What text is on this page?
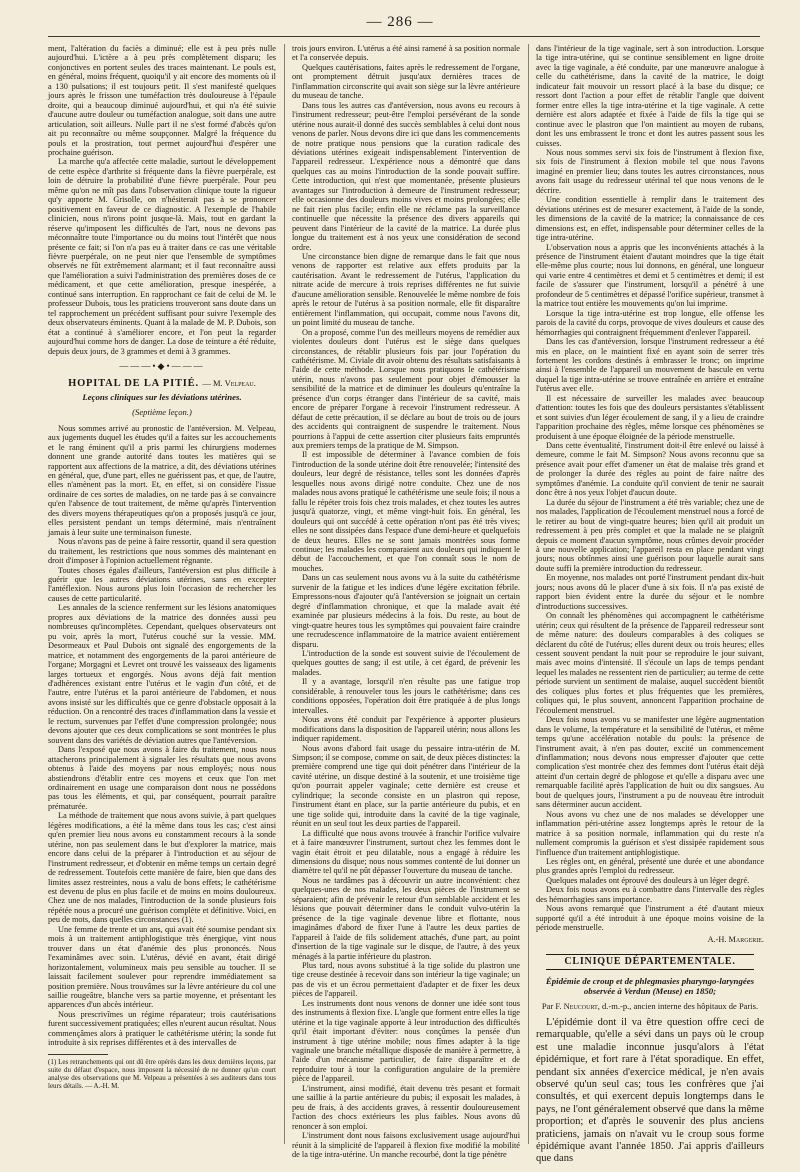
— 286 —

ment, l'altération du faciès a diminué; elle est à peu près nulle aujourd'hui. L'ictère a à peu près complètement disparu; les conjonctives en portent seules des traces maintenant. Le pouls est, en général, moins fréquent, quoiqu'il y ait encore des moments où il a 130 pulsations; il est toujours petit. Il s'est manifesté quelques jours après le frisson une tuméfaction très douloureuse à l'épaule droite, qui a beaucoup diminué aujourd'hui, et qui n'a été suivie d'aucune autre douleur ou tuméfaction analogue, soit dans une autre articulation, soit ailleurs. Nulle part il ne s'est formé d'abcès qu'on ait pu reconnaître ou même soupçonner. Malgré la fréquence du pouls et la prostration, tout permet aujourd'hui d'espérer une prochaine guérison.

La marche qu'a affectée cette maladie, surtout le développement de cette espèce d'arthrite si fréquente dans la fièvre puerpérale, est loin de détruire la probabilité d'une fièvre puerpérale. Pour peu même qu'on ne mît pas dans l'observation clinique toute la rigueur qu'y apporte M. Grisolle, on n'hésiterait pas à se prononcer positivement en faveur de ce diagnostic. A l'exemple de l'habile clinicien, nous n'irons point jusque-là. Mais, tout en gardant la réserve qu'imposent les difficultés de l'art, nous ne devons pas méconnaître toute l'importance ou du moins tout l'intérêt que nous présente ce fait; si l'on n'a pas eu à traiter dans ce cas une véritable fièvre puerpérale, on ne peut nier que l'ensemble de symptômes observés ne fût extrêmement alarmant; et il faut reconnaître aussi que l'amélioration a suivi l'administration des premières doses de ce médicament, et que cette amélioration, presque inespérée, a continué sans interruption. En rapprochant ce fait de celui de M. le professeur Dubois, tous les praticiens trouveront sans doute dans un tel rapprochement un précédent suffisant pour suivre l'exemple des deux observateurs éminents. Quant à la malade de M. P. Dubois, son état a continué à s'améliorer encore, et l'on peut la regarder aujourd'hui comme hors de danger. La dose de teinture a été réduite, depuis deux jours, de 3 grammes et demi à 3 grammes.

———•◆•———
HOPITAL DE LA PITIÉ. — M. Velpeau.
Leçons cliniques sur les déviations utérines.
(Septième leçon.)

Nous sommes arrivé au pronostic de l'antéversion. M. Velpeau, aux jugements duquel les études qu'il a faites sur les accouchements et le rang éminent qu'il a pris parmi les chirurgiens modernes donnent une grande autorité dans toutes les matières qui se rapportent aux affections de la matrice, a dit, des déviations utérines en général, que, d'une part, elles ne guérissent pas, et que, de l'autre, elles n'amènent pas la mort. Et, en effet, si on considère l'issue ordinaire de ces sortes de maladies, on ne tarde pas à se convaincre qu'en l'absence de tout traitement, de même qu'après l'intervention des divers moyens thérapeutiques qu'on a proposés jusqu'à ce jour, elles persistent pendant un temps déterminé, mais n'entraînent jamais à leur suite une terminaison funeste.

Nous n'avons pas de peine à faire ressortir, quand il sera question du traitement, les restrictions que nous sommes dès maintenant en droit d'imposer à l'opinion actuellement régnante.

Toutes choses égales d'ailleurs, l'antéversion est plus difficile à guérir que les autres déviations utérines, sans en excepter l'antéflexion. Nous aurons plus loin l'occasion de rechercher les causes de cette particularité.

Les annales de la science renferment sur les lésions anatomiques propres aux déviations de la matrice des données aussi peu nombreuses qu'incomplètes. Cependant, quelques observateurs ont pu voir, après la mort, l'utérus couché sur la vessie. MM. Desormeaux et Paul Dubois ont signalé des engorgements de la matrice, et notamment des engorgements de la paroi antérieure de l'organe; Morgagni et Levret ont trouvé les vaisseaux des ligaments larges tortueux et engorgés. Nous avons déjà fait mention d'adhérences existant entre l'utérus et le vagin d'un côté, et de l'autre, entre l'utérus et la paroi antérieure de l'abdomen, et nous avons insisté sur les difficultés que ce genre d'obstacle opposait à la réduction. On a rencontré des traces d'inflammation dans la vessie et le rectum, survenues par l'effet d'une compression prolongée; nous devons ajouter que ces deux complications se sont montrées le plus souvent dans des variétés de déviation autres que l'antéversion.

Dans l'exposé que nous avons à faire du traitement, nous nous attacherons principalement à signaler les résultats que nous avons obtenus à l'aide des moyens par nous employés; nous nous abstiendrons d'établir entre ces moyens et ceux que l'on met ordinairement en usage une comparaison dont nous ne possédons pas tous les éléments, et qui, par conséquent, pourrait paraître prématurée.

La méthode de traitement que nous avons suivie, à part quelques légères modifications, a été la même dans tous les cas; c'est ainsi qu'en premier lieu nous avons eu constamment recours à la sonde utérine, non pas seulement dans le but d'explorer la matrice, mais encore dans celui de la préparer à l'introduction et au séjour de l'instrument redresseur, et d'obtenir en même temps un certain degré de redressement. Toutefois cette manière de faire, bien que dans des limites assez restreintes, nous a valu de bons effets; le cathétérisme est devenu de plus en plus facile et de moins en moins douloureux. Chez une de nos malades, l'introduction de la sonde plusieurs fois répétée nous a procuré une guérison complète et définitive. Voici, en peu de mots, dans quelles circonstances (1).

Une femme de trente et un ans, qui avait été soumise pendant six mois à un traitement antiphlogistique très énergique, vint nous trouver dans un état d'anémie des plus prononcés. Nous l'examinâmes avec soin. L'utérus, dévié en avant, était dirigé horizontalement, volumineux mais peu sensible au toucher. Il se laissait facilement soulever pour reprendre immédiatement sa position première. Nous trouvâmes sur la lèvre antérieure du col une saillie rougeâtre, blanche vers sa partie moyenne, et présentant les apparences d'un abcès intérieur.

Nous prescrivîmes un régime réparateur; trois cautérisations furent successivement pratiquées; elles n'eurent aucun résultat. Nous commençâmes alors à pratiquer le cathétérisme utérin; la sonde fut introduite à six reprises différentes et à des intervalles de

(1) Les retranchements qui ont dû être opérés dans les deux dernières leçons, par suite du défaut d'espace, nous imposent la nécessité de ne donner qu'un court analyse des observations que M. Velpeau a présentées à ses auditeurs dans tous leurs détails. — A.-H. M.

trois jours environ. L'utérus a été ainsi ramené à sa position normale et l'a conservée depuis.

Quelques cautérisations, faites après le redressement de l'organe, ont promptement détruit jusqu'aux dernières traces de l'inflammation circonscrite qui avait son siège sur la lèvre antérieure du museau de tanche.

Dans tous les autres cas d'antéversion, nous avons eu recours à l'instrument redresseur; peut-être l'emploi persévérant de la sonde utérine nous aurait-il donné des succès semblables à celui dont nous venons de parler. Nous devons dire ici que dans les commencements de notre pratique nous pensions que la curation radicale des déviations utérines exigeait indispensablement l'intervention de l'appareil redresseur. L'expérience nous a démontré que dans quelques cas au moins l'introduction de la sonde pouvait suffire. Cette introduction, qui n'est que momentanée, présente plusieurs avantages sur l'introduction à demeure de l'instrument redresseur; elle occasionne des douleurs moins vives et moins prolongées; elle ne fait rien plus facile; enfin elle ne réclame pas la surveillance continuelle que nécessite la présence des divers appareils qui peuvent dans l'intérieur de la cavité de la matrice. La durée plus longue du traitement est à nos yeux une considération de second ordre.

Une circonstance bien digne de remarque dans le fait que nous venons de rapporter est relative aux effets produits par la cautérisation. Avant le redressement de l'utérus, l'application du nitrate acide de mercure à trois reprises différentes ne fut suivie d'aucune amélioration sensible. Renouvelée le même nombre de fois après le retour de l'utérus à sa position normale, elle fit disparaître entièrement l'inflammation, qui occupait, comme nous l'avons dit, un point limité du museau de tanche.

On a proposé, comme l'un des meilleurs moyens de remédier aux violentes douleurs dont l'utérus est le siège dans quelques circonstances, de rétablir plusieurs fois par jour l'opération du cathétérisme. M. Civiale dit avoir obtenu des résultats satisfaisants à l'aide de cette méthode. Lorsque nous pratiquons le cathétérisme utérin, nous n'avons pas seulement pour objet d'émousser la sensibilité de la matrice et de diminuer les douleurs qu'entraîne la présence d'un corps étranger dans l'intérieur de sa cavité, mais encore de préparer l'organe à recevoir l'instrument redresseur. A défaut de cette précaution, il se déclare au bout de trois ou de jours des accidents qui contraignent de suspendre le traitement. Nous pourrions à l'appui de cette assertion citer plusieurs faits empruntés aux premiers temps de la pratique de M. Simpson.

Il est impossible de déterminer à l'avance combien de fois l'introduction de la sonde utérine doit être renouvelée; l'intensité des douleurs, leur degré de résistance, telles sont les données d'après lesquelles nous avons dirigé notre conduite. Chez une de nos malades nous avons pratiqué le cathétérisme une seule fois; il nous a fallu le répéter trois fois chez trois malades, et chez toutes les autres jusqu'à quatorze, vingt, et même vingt-huit fois. En général, les douleurs qui ont succédé à cette opération n'ont pas été très vives; elles ne sont dissipées dans l'espace d'une demi-heure et quelquefois de deux heures. Elles ne se sont jamais montrées sous forme continue; les malades les comparaient aux douleurs qui indiquent le début de l'accouchement, et que l'on connaît sous le nom de mouches.

Dans un cas seulement nous avons vu à la suite du cathétérisme survenir de la fatigue et les indices d'une légère excitation fébrile. Empressons-nous d'ajouter qu'à l'antéversion se joignait un certain degré d'inflammation chronique, et que la malade avait été examinée par plusieurs médecins à la fois. Du reste, au bout de vingt-quatre heures tous les symptômes qui pouvaient faire craindre une recrudescence inflammatoire de la matrice avaient entièrement disparu.

L'introduction de la sonde est souvent suivie de l'écoulement de quelques gouttes de sang; il est utile, à cet égard, de prévenir les malades.

Il y a avantage, lorsqu'il n'en résulte pas une fatigue trop considérable, à renouveler tous les jours le cathétérisme; dans ces conditions opposées, l'opération doit être pratiquée à de plus longs intervalles.

Nous avons été conduit par l'expérience à apporter plusieurs modifications dans la disposition de l'appareil utérin; nous allons les indiquer rapidement.

Nous avons d'abord fait usage du pessaire intra-utérin de M. Simpson; il se compose, comme on sait, de deux pièces distinctes: la première comprend une tige qui doit pénétrer dans l'intérieur de la cavité utérine, un disque destiné à la soutenir, et une troisième tige qu'on pourrait appeler vaginale; cette dernière est creuse et cylindrique; la seconde consiste en un plastron qui repose, l'instrument étant en place, sur la partie antérieure du pubis, et en une tige solide qui, introduite dans la cavité de la tige vaginale, réunit en un seul tout les deux parties de l'appareil.

La difficulté que nous avons trouvée à franchir l'orifice vulvaire et à faire manœuvrer l'instrument, surtout chez les femmes dont le vagin était étroit et peu dilatable, nous a engagé à réduire les dimensions du disque; nous nous sommes contenté de lui donner un diamètre tel qu'il ne pût dépasser l'ouverture du museau de tanche.

Nous ne tardâmes pas à découvrir un autre inconvénient: chez quelques-unes de nos malades, les deux pièces de l'instrument se séparaient; afin de prévenir le retour d'un semblable accident et les lésions que pouvait déterminer dans le conduit vulvo-utérin la présence de la tige vaginale devenue libre et flottante, nous imaginâmes d'abord de fixer l'une à l'autre les deux parties de l'appareil à l'aide de fils solidement attachés, d'une part, au point d'insertion de la tige vaginale sur le disque, de l'autre, à des yeux ménagés à la partie inférieure du plastron.

Plus tard, nous avons substitué à la tige solide du plastron une tige creuse destinée à recevoir dans son intérieur la tige vaginale; un pas de vis et un écrou permettaient d'adapter et de fixer les deux pièces de l'appareil.

Les instruments dont nous venons de donner une idée sont tous des instruments à flexion fixe. L'angle que forment entre elles la tige utérine et la tige vaginale apporte à leur introduction des difficultés qu'il était important d'éviter: nous conçûmes la pensée d'un instrument à tige utérine mobile; nous fîmes adapter à la tige vaginale une branche métallique disposée de manière à permettre, à l'aide d'un mécanisme particulier, de faire disparaître et de reproduire tour à tour la configuration angulaire de la première pièce de l'appareil.

L'instrument, ainsi modifié, était devenu très pesant et formait une saillie à la partie antérieure du pubis; il exposait les malades, à peu de frais, à des accidents graves, à ressentir douloureusement l'action des chocs extérieurs les plus faibles. Nous avons dû renoncer à son emploi.

L'instrument dont nous faisons exclusivement usage aujourd'hui réunit à la simplicité de l'appareil à flexion fixe modifié la mobilité de la tige intra-utérine. Un manche recourbé, dont la tige pénètre

dans l'intérieur de la tige vaginale, sert à son introduction. Lorsque la tige intra-utérine, qui se continue sensiblement en ligne droite avec la tige vaginale, a été conduite, par une manœuvre analogue à celle du cathétérisme, dans la cavité de la matrice, le doigt indicateur fait mouvoir un ressort placé à la base du disque; ce ressort dont l'action a pour effet de rétablir l'angle que doivent former entre elles la tige intra-utérine et la tige vaginale. A cette dernière est alors adaptée et fixée à l'aide de fils la tige qui se continue avec le plastron que l'on maintient au moyen de rubans, dont les uns embrassent le tronc et dont les autres passent sous les cuisses.

Nous nous sommes servi six fois de l'instrument à flexion fixe, six fois de l'instrument à flexion mobile tel que nous l'avons imaginé en premier lieu; dans toutes les autres circonstances, nous avons fait usage du redresseur utérinal tel que nous venons de le décrire.

Une condition essentielle à remplir dans le traitement des déviations utérines est de mesurer exactement, à l'aide de la sonde, les dimensions de la cavité de la matrice; la connaissance de ces dimensions est, en effet, indispensable pour déterminer celles de la tige intra-utérine.

L'observation nous a appris que les inconvénients attachés à la présence de l'instrument étaient d'autant moindres que la tige était elle-même plus courte; nous lui donnons, en général, une longueur qui varie entre 4 centimètres et demi et 5 centimètres et demi; il est facile de s'assurer que l'instrument, lorsqu'il a pénétré à une profondeur de 5 centimètres et dépassé l'orifice supérieur, transmet à la matrice tout entière les mouvements qu'on lui imprime.

Lorsque la tige intra-utérine est trop longue, elle offense les parois de la cavité du corps, provoque de vives douleurs et cause des hémorrhagies qui contraignent fréquemment d'enlever l'appareil.

Dans les cas d'antéversion, lorsque l'instrument redresseur a été mis en place, on le maintient fixé en ayant soin de serrer très fortement les cordons destinés à embrasser le tronc; on imprime ainsi à l'ensemble de l'appareil un mouvement de bascule en vertu duquel la tige intra-utérine se trouve entraînée en arrière et entraîne l'utérus avec elle.

Il est nécessaire de surveiller les malades avec beaucoup d'attention: toutes les fois que des douleurs persistantes s'établissent et sont suivies d'un léger écoulement de sang, il y a lieu de craindre l'apparition prochaine des règles, même lorsque ces phénomènes se produisent à une époque éloignée de la période menstruelle.

Dans cette éventualité, l'instrument doit-il être enlevé ou laissé à demeure, comme le fait M. Simpson? Nous avons reconnu que sa présence avait pour effet d'amener un état de malaise très grand et de prolonger la durée des règles au point de faire naître des symptômes d'anémie. La conduite qu'il convient de tenir ne saurait donc être à nos yeux l'objet d'aucun doute.

La durée du séjour de l'instrument a été très variable; chez une de nos malades, l'application de l'écoulement menstruel nous a forcé de le retirer au bout de vingt-quatre heures; bien qu'il ait produit un redressement à peu près complet et que la malade ne se plaignît depuis ce moment d'aucun symptôme, nous crûmes devoir procéder à une nouvelle application; l'appareil resta en place pendant vingt jours; nous obtînmes ainsi une guérison pour laquelle aurait sans doute suffi la première introduction du redresseur.

En moyenne, nos malades ont porté l'instrument pendant dix-huit jours; nous avons dû le placer d'une à six fois. Il n'a pas existé de rapport bien évident entre la durée du séjour et le nombre d'introductions successives.

On connaît les phénomènes qui accompagnent le cathétérisme utérin; ceux qui résultent de la présence de l'appareil redresseur sont de même nature: des douleurs comparables à des coliques se déclarent du côté de l'utérus; elles durent deux ou trois heures; elles cessent souvent pendant la nuit pour se reproduire le jour suivant, mais avec moins d'intensité. Il s'écoule un laps de temps pendant lequel les malades ne ressentent rien de particulier; au terme de cette période survient un sentiment de malaise, auquel succèdent bientôt des coliques plus fortes et plus fréquentes que les premières, coliques qui, le plus souvent, annoncent l'apparition prochaine de l'écoulement menstruel.

Deux fois nous avons vu se manifester une légère augmentation dans le volume, la température et la sensibilité de l'utérus, et même temps qu'une accélération notable du pouls: la présence de l'instrument avait, à n'en pas douter, excité un commencement d'inflammation; nous devons nous empresser d'ajouter que cette complication s'est montrée chez des femmes dont l'utérus était déjà atteint d'un certain degré de phlogose et qu'elle a disparu avec une remarquable facilité après l'application de huit ou dix sangsues. Au bout de quelques jours, l'instrument a pu de nouveau être introduit sans déterminer aucun accident.

Nous avons vu chez une de nos malades se développer une inflammation péri-utérine assez longtemps après le retour de la matrice à sa position normale, inflammation qui du reste n'a nullement compromis la guérison et s'est dissipée rapidement sous l'influence d'un traitement antiphlogistique.

Les règles ont, en général, présenté une durée et une abondance plus grandes après l'emploi du redresseur.

Quelques malades ont éprouvé des douleurs à un léger degré.

Deux fois nous avons eu à combattre dans l'intervalle des règles des hémorrhagies sans importance.

Nous avons remarqué que l'instrument a été d'autant mieux supporté qu'il a été introduit à une époque moins voisine de la période menstruelle.

A.-H. Margerie.
CLINIQUE DÉPARTEMENTALE.
Épidémie de croup et de phlegmasies pharyngo-laryngées observée à Verdun (Meuse) en 1850;
Par F. Neucourt, d.-m.-p., ancien interne des hôpitaux de Paris.

L'épidémie dont il va être question offre ceci de remarquable, qu'elle a sévi dans un pays où le croup est une maladie inconnue jusqu'alors à l'état épidémique, et fort rare à l'état sporadique. En effet, pendant six années d'exercice médical, je n'en avais observé qu'un seul cas; tous les confrères que j'ai consultés, et qui exercent depuis longtemps dans le pays, ne l'ont généralement observé que dans la même proportion; et d'après le souvenir des plus anciens praticiens, jamais on n'avait vu le croup sous forme épidémique avant l'année 1850. J'ai appris d'ailleurs que dans
